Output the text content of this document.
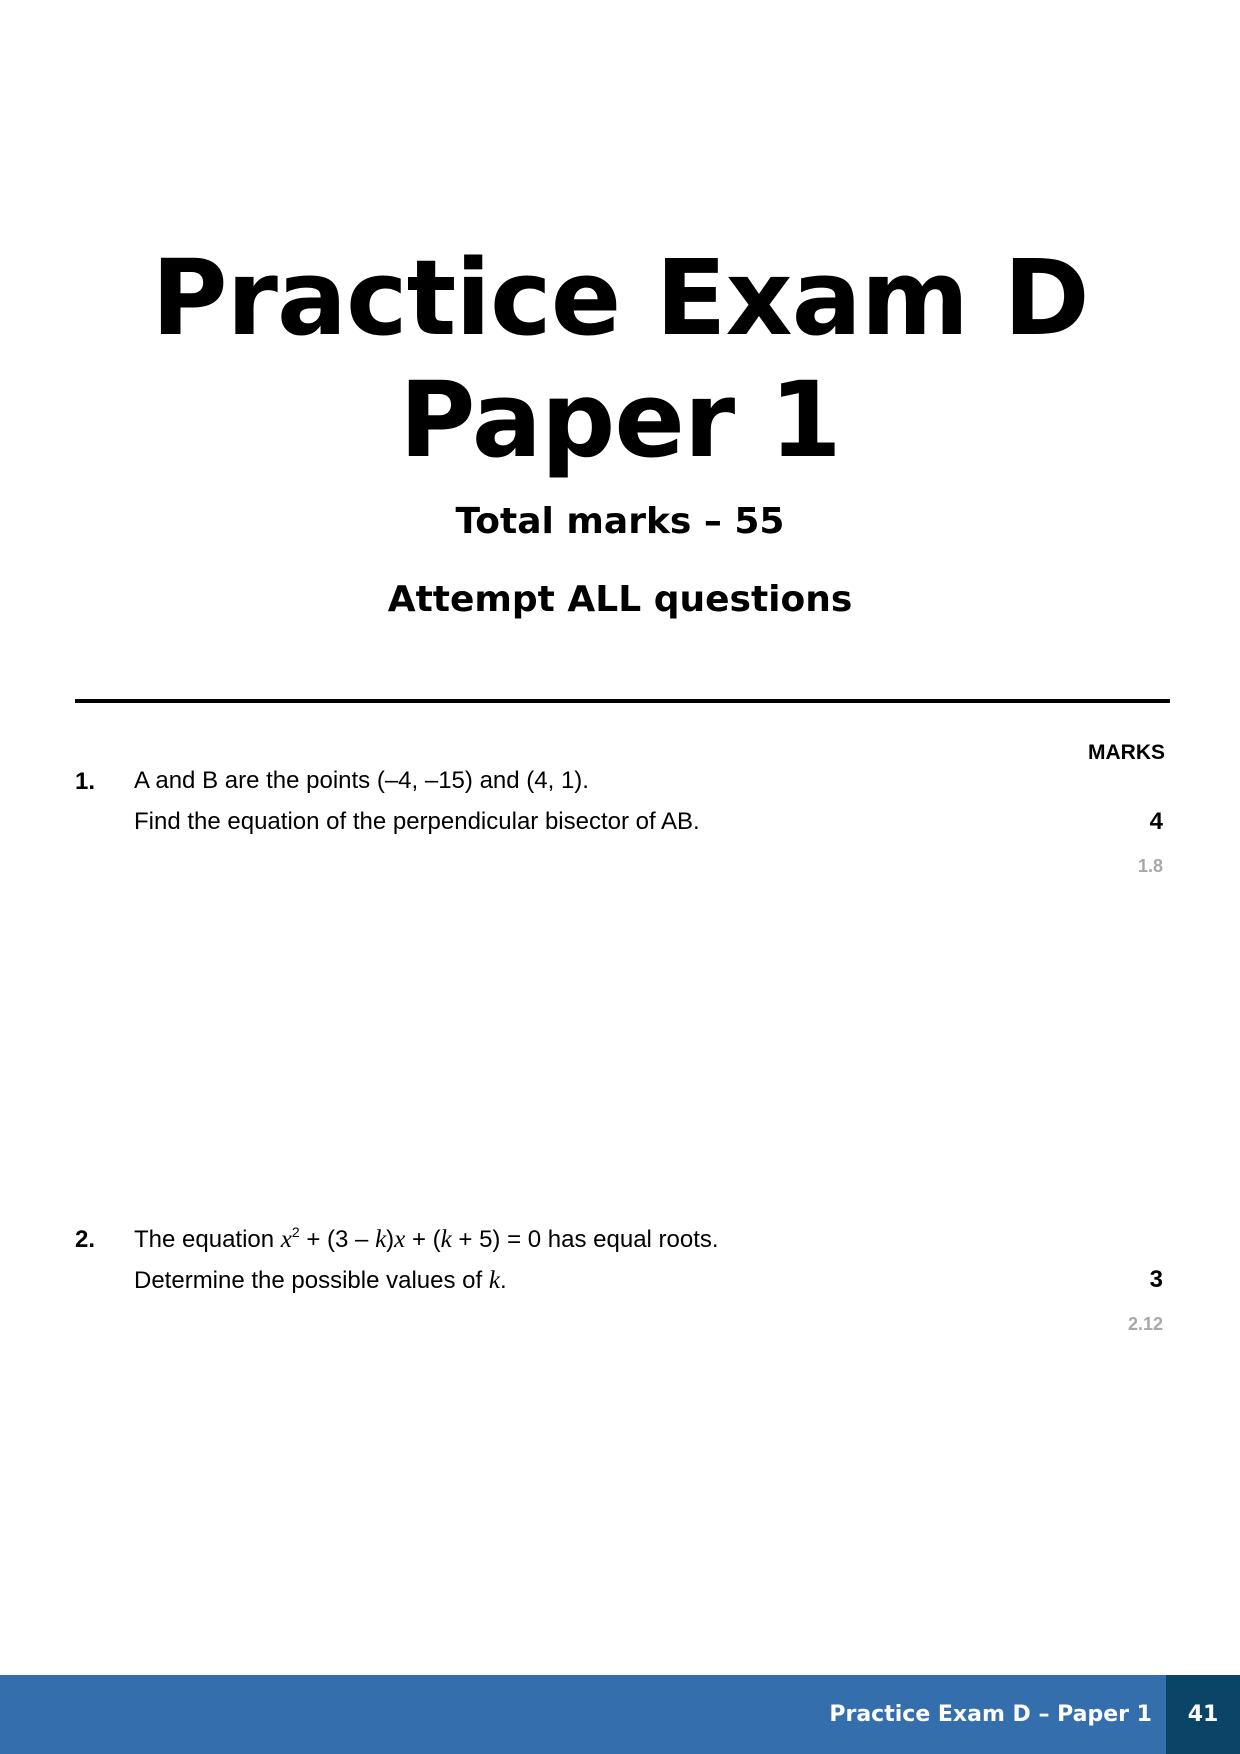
Practice Exam D
Paper 1
Total marks – 55
Attempt ALL questions
MARKS
1. A and B are the points (–4, –15) and (4, 1).
Find the equation of the perpendicular bisector of AB.	4
1.8
2. The equation $x^2 + (3 - k)x + (k + 5) = 0$ has equal roots.
Determine the possible values of k.	3
2.12
Practice Exam D – Paper 1	41
